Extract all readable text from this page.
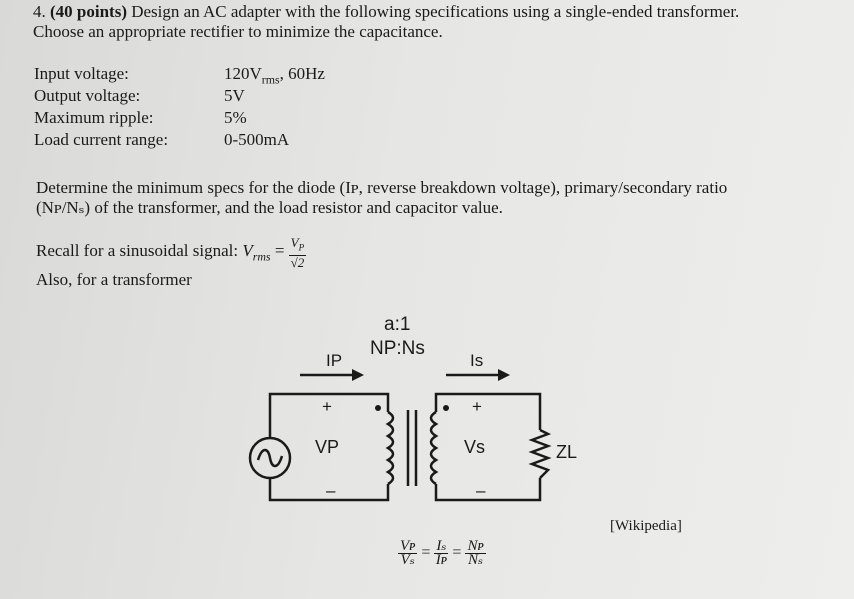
4. (40 points) Design an AC adapter with the following specifications using a single-ended transformer.
Choose an appropriate rectifier to minimize the capacitance.
Input voltage:	$120V_{rms}$, 60Hz
Output voltage:	5V
Maximum ripple:	5%
Load current range:	0-500mA
Determine the minimum specs for the diode (Iᴘ, reverse breakdown voltage), primary/secondary ratio
(Nᴘ/Nₛ) of the transformer, and the load resistor and capacitor value.
Recall for a sinusoidal signal: $V_{rms} = \frac{V_P}{√2}$
Also, for a transformer
a:1
NP:Ns
IP	Is
+
VP
–
+
Vs
–
ZL
$\frac{\text{Vᴘ}}{\text{Vₛ}} = \frac{\text{Iₛ}}{\text{Iᴘ}} = \frac{\text{Nᴘ}}{\text{Nₛ}}$
[Wikipedia]
